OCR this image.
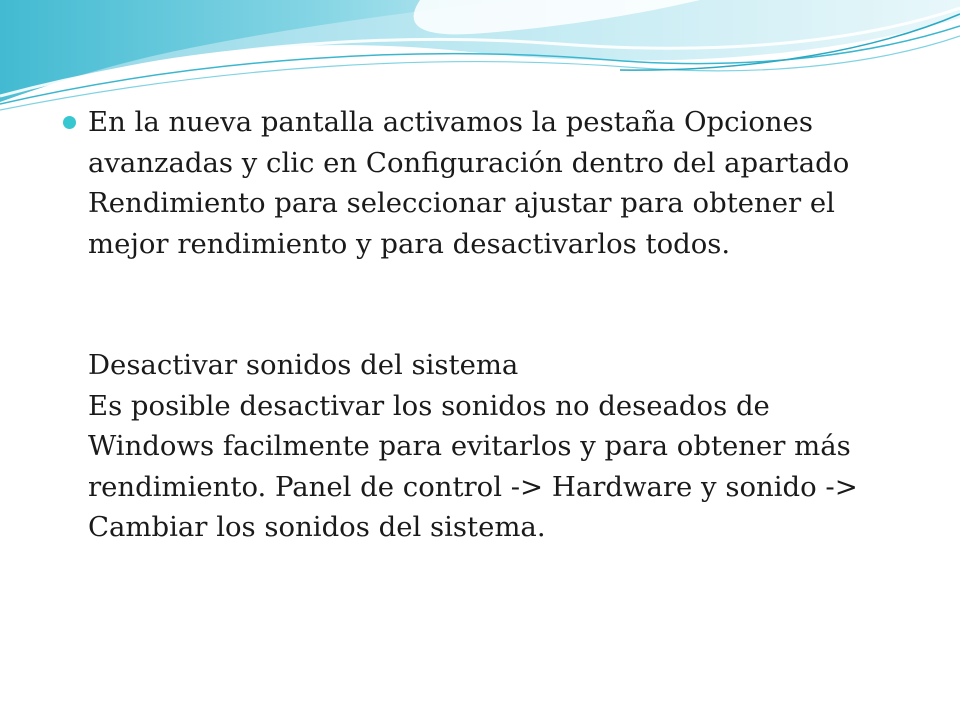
En la nueva pantalla activamos la pestaña Opciones
avanzadas y clic en Configuración dentro del apartado
Rendimiento para seleccionar ajustar para obtener el
mejor rendimiento y para desactivarlos todos.

Desactivar sonidos del sistema

Es posible desactivar los sonidos no deseados de
Windows facilmente para evitarlos y para obtener más
rendimiento. Panel de control -> Hardware y sonido ->
Cambiar los sonidos del sistema.
